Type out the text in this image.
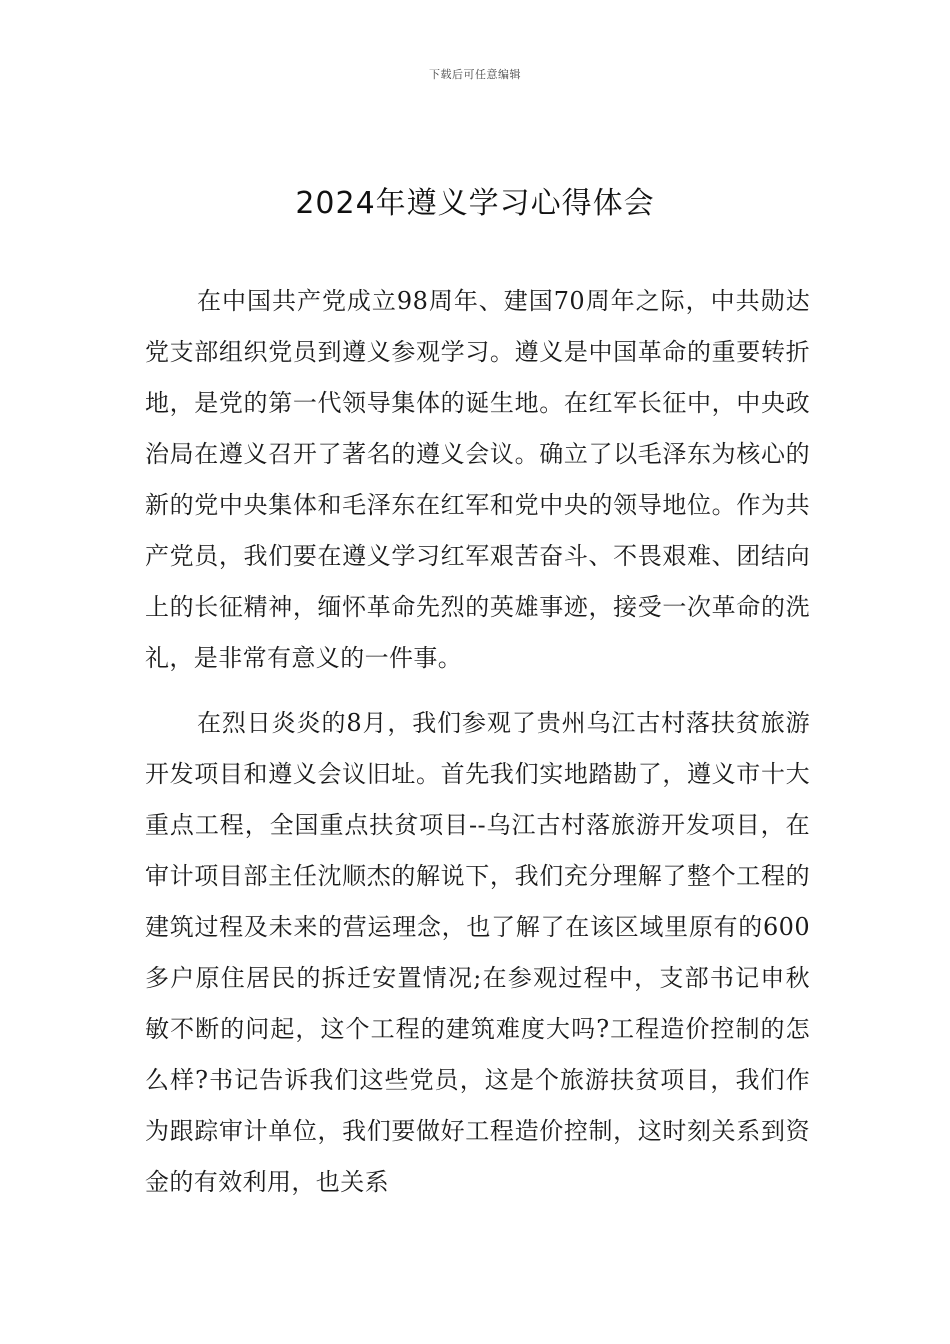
下载后可任意编辑
2024年遵义学习心得体会

在中国共产党成立98周年、建国70周年之际，中共勋达党支部组织党员到遵义参观学习。遵义是中国革命的重要转折地，是党的第一代领导集体的诞生地。在红军长征中，中央政治局在遵义召开了著名的遵义会议。确立了以毛泽东为核心的新的党中央集体和毛泽东在红军和党中央的领导地位。作为共产党员，我们要在遵义学习红军艰苦奋斗、不畏艰难、团结向上的长征精神，缅怀革命先烈的英雄事迹，接受一次革命的洗礼，是非常有意义的一件事。

在烈日炎炎的8月，我们参观了贵州乌江古村落扶贫旅游开发项目和遵义会议旧址。首先我们实地踏勘了，遵义市十大重点工程，全国重点扶贫项目--乌江古村落旅游开发项目，在审计项目部主任沈顺杰的解说下，我们充分理解了整个工程的建筑过程及未来的营运理念，也了解了在该区域里原有的600多户原住居民的拆迁安置情况;在参观过程中，支部书记申秋敏不断的问起，这个工程的建筑难度大吗?工程造价控制的怎么样?书记告诉我们这些党员，这是个旅游扶贫项目，我们作为跟踪审计单位，我们要做好工程造价控制，这时刻关系到资金的有效利用，也关系
